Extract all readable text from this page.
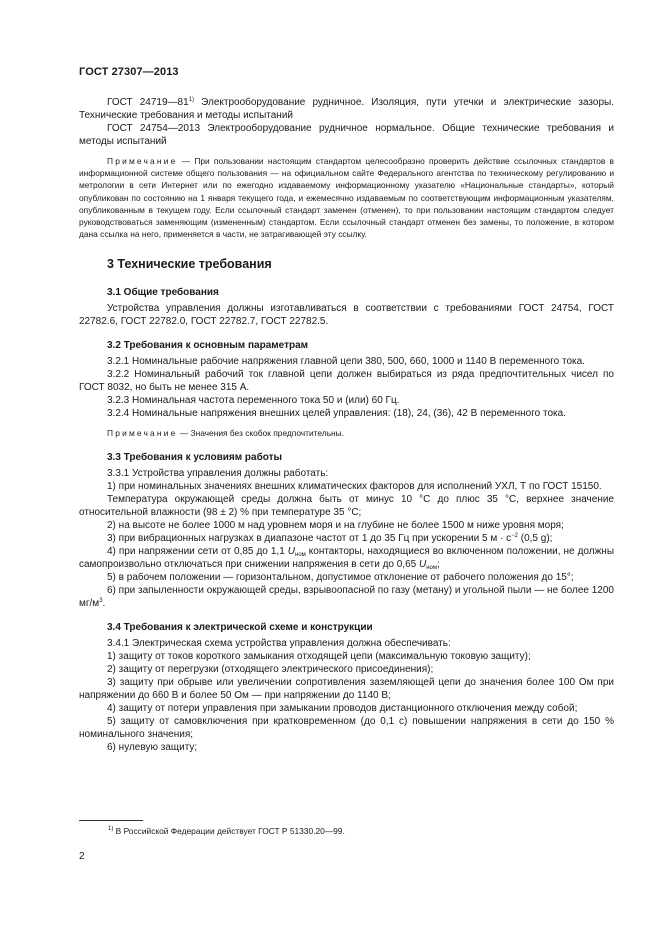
ГОСТ 27307—2013

ГОСТ 24719—81$^{1)}$ Электрооборудование рудничное. Изоляция, пути утечки и электрические зазоры. Технические требования и методы испытаний

ГОСТ 24754—2013 Электрооборудование рудничное нормальное. Общие технические требования и методы испытаний

Примечание — При пользовании настоящим стандартом целесообразно проверить действие ссылочных стандартов в информационной системе общего пользования — на официальном сайте Федерального агентства по техническому регулированию и метрологии в сети Интернет или по ежегодно издаваемому информационному указателю «Национальные стандарты», который опубликован по состоянию на 1 января текущего года, и ежемесячно издаваемым по соответствующим информационным указателям, опубликованным в текущем году. Если ссылочный стандарт заменен (отменен), то при пользовании настоящим стандартом следует руководствоваться заменяющим (измененным) стандартом. Если ссылочный стандарт отменен без замены, то положение, в котором дана ссылка на него, применяется в части, не затрагивающей эту ссылку.

3 Технические требования

3.1 Общие требования

Устройства управления должны изготавливаться в соответствии с требованиями ГОСТ 24754, ГОСТ 22782.6, ГОСТ 22782.0, ГОСТ 22782.7, ГОСТ 22782.5.

3.2 Требования к основным параметрам

3.2.1 Номинальные рабочие напряжения главной цепи 380, 500, 660, 1000 и 1140 В переменного тока.

3.2.2 Номинальный рабочий ток главной цепи должен выбираться из ряда предпочтительных чисел по ГОСТ 8032, но быть не менее 315 А.

3.2.3 Номинальная частота переменного тока 50 и (или) 60 Гц.

3.2.4 Номинальные напряжения внешних целей управления: (18), 24, (36), 42 В переменного тока.

Примечание — Значения без скобок предпочтительны.

3.3 Требования к условиям работы

3.3.1 Устройства управления должны работать:

1) при номинальных значениях внешних климатических факторов для исполнений УХЛ, Т по ГОСТ 15150.

Температура окружающей среды должна быть от минус 10 °С до плюс 35 °С, верхнее значение относительной влажности (98 ± 2) % при температуре 35 °С;

2) на высоте не более 1000 м над уровнем моря и на глубине не более 1500 м ниже уровня моря;

3) при вибрационных нагрузках в диапазоне частот от 1 до 35 Гц при ускорении 5 $м \cdot с^{-2}$ (0,5 g);

4) при напряжении сети от 0,85 до 1,1 $U_{ном}$ контакторы, находящиеся во включенном положении, не должны самопроизвольно отключаться при снижении напряжения в сети до 0,65 $U_{ном}$;

5) в рабочем положении — горизонтальном, допустимое отклонение от рабочего положения до 15°;

6) при запыленности окружающей среды, взрывоопасной по газу (метану) и угольной пыли — не более 1200 $мг/м^3$.

3.4 Требования к электрической схеме и конструкции

3.4.1 Электрическая схема устройства управления должна обеспечивать:

1) защиту от токов короткого замыкания отходящей цепи (максимальную токовую защиту);

2) защиту от перегрузки (отходящего электрического присоединения);

3) защиту при обрыве или увеличении сопротивления заземляющей цепи до значения более 100 Ом при напряжении до 660 В и более 50 Ом — при напряжении до 1140 В;

4) защиту от потери управления при замыкании проводов дистанционного отключения между собой;

5) защиту от самовключения при кратковременном (до 0,1 с) повышении напряжения в сети до 150 % номинального значения;

6) нулевую защиту;

$^{1)}$ В Российской Федерации действует ГОСТ Р 51330.20—99.
2
